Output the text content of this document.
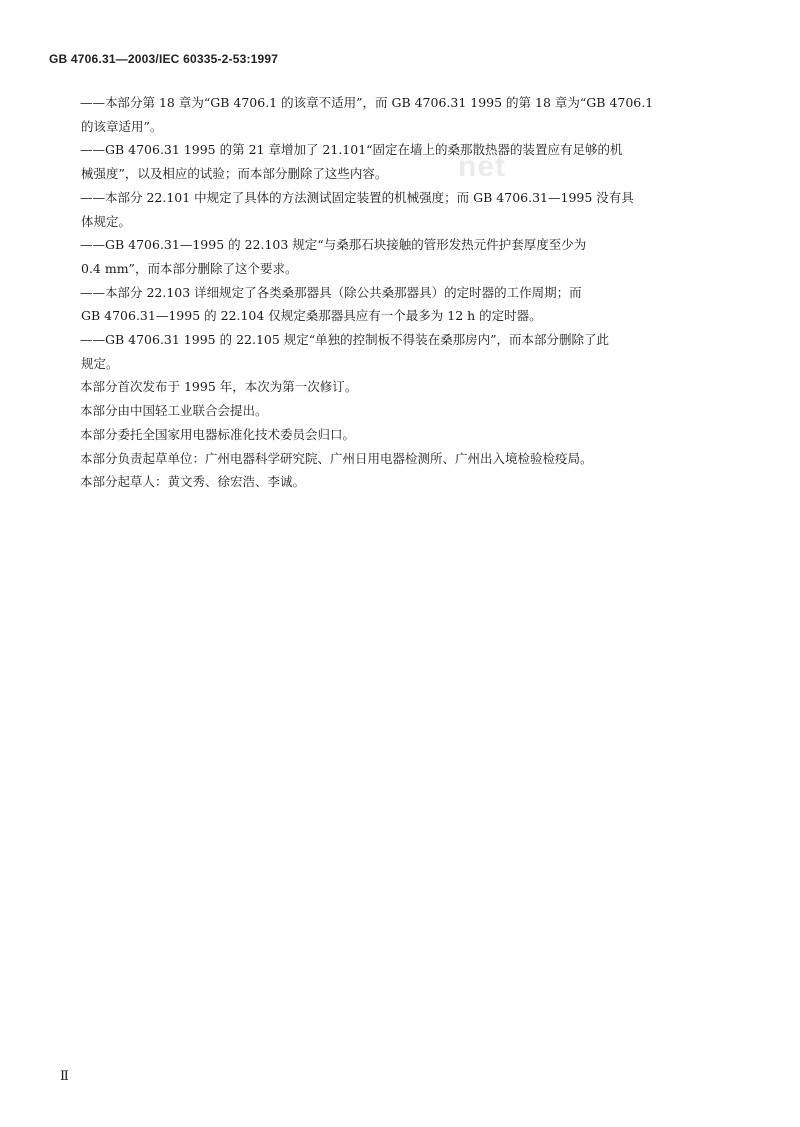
GB 4706.31—2003/IEC 60335-2-53:1997
net
——本部分第 18 章为“GB 4706.1 的该章不适用”，而 GB 4706.31 1995 的第 18 章为“GB 4706.1
的该章适用”。
——GB 4706.31 1995 的第 21 章增加了 21.101“固定在墙上的桑那散热器的装置应有足够的机
械强度”，以及相应的试验；而本部分删除了这些内容。
——本部分 22.101 中规定了具体的方法测试固定装置的机械强度；而 GB 4706.31—1995 没有具
体规定。
——GB 4706.31—1995 的 22.103 规定“与桑那石块接触的管形发热元件护套厚度至少为
0.4 mm”，而本部分删除了这个要求。
——本部分 22.103 详细规定了各类桑那器具（除公共桑那器具）的定时器的工作周期；而
GB 4706.31—1995 的 22.104 仅规定桑那器具应有一个最多为 12 h 的定时器。
——GB 4706.31 1995 的 22.105 规定“单独的控制板不得装在桑那房内”，而本部分删除了此
规定。
本部分首次发布于 1995 年，本次为第一次修订。
本部分由中国轻工业联合会提出。
本部分委托全国家用电器标准化技术委员会归口。
本部分负责起草单位：广州电器科学研究院、广州日用电器检测所、广州出入境检验检疫局。
本部分起草人：黄文秀、徐宏浩、李诚。
Ⅱ
